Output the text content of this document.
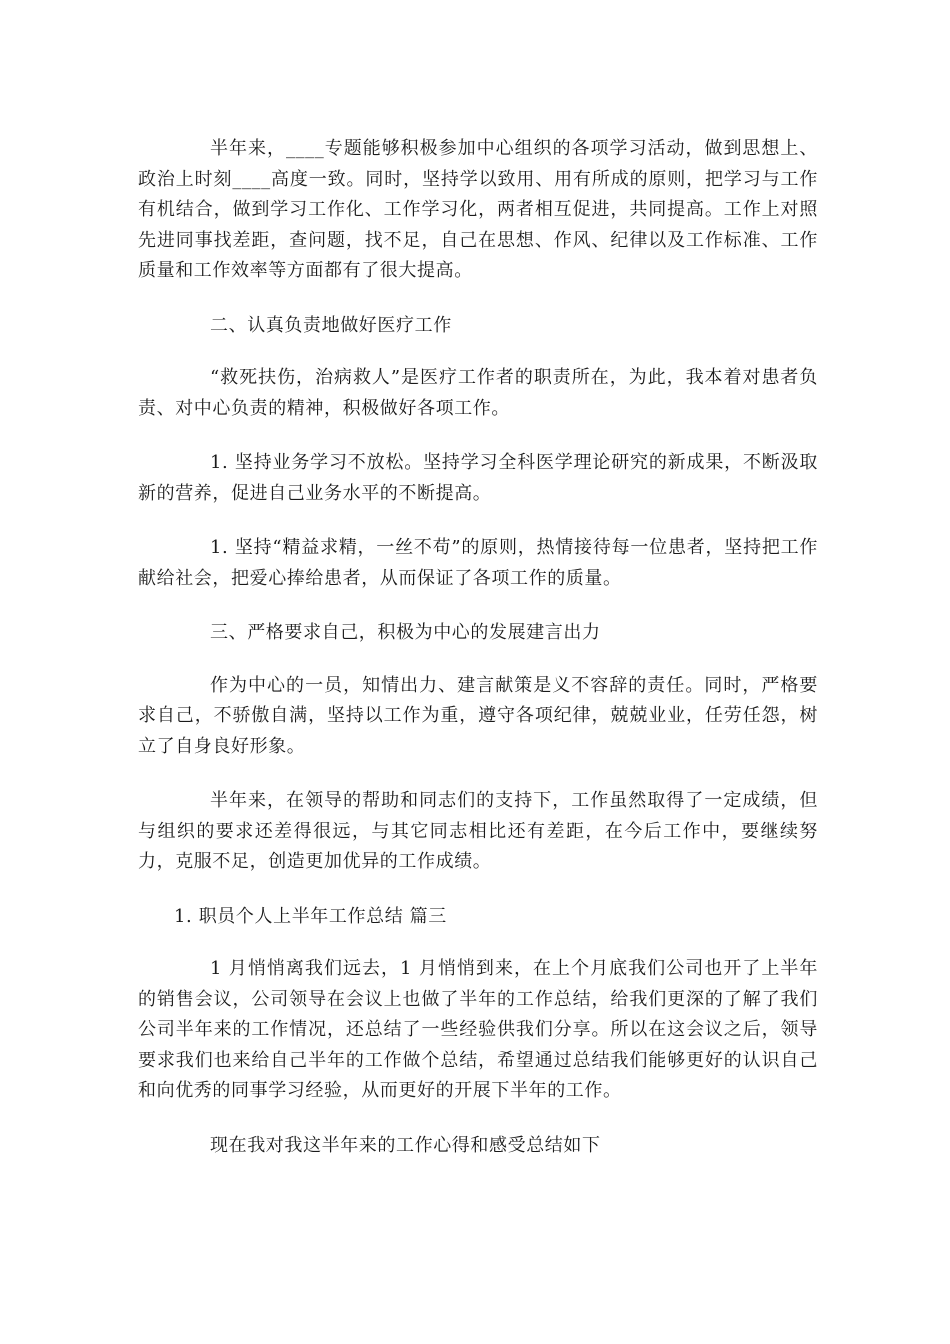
半年来，____专题能够积极参加中心组织的各项学习活动，做到思想上、政治上时刻____高度一致。同时，坚持学以致用、用有所成的原则，把学习与工作有机结合，做到学习工作化、工作学习化，两者相互促进，共同提高。工作上对照先进同事找差距，查问题，找不足，自己在思想、作风、纪律以及工作标准、工作质量和工作效率等方面都有了很大提高。

二、认真负责地做好医疗工作

“救死扶伤，治病救人”是医疗工作者的职责所在，为此，我本着对患者负责、对中心负责的精神，积极做好各项工作。

1. 坚持业务学习不放松。坚持学习全科医学理论研究的新成果，不断汲取新的营养，促进自己业务水平的不断提高。

1. 坚持“精益求精，一丝不苟”的原则，热情接待每一位患者，坚持把工作献给社会，把爱心捧给患者，从而保证了各项工作的质量。

三、严格要求自己，积极为中心的发展建言出力

作为中心的一员，知情出力、建言献策是义不容辞的责任。同时，严格要求自己，不骄傲自满，坚持以工作为重，遵守各项纪律，兢兢业业，任劳任怨，树立了自身良好形象。

半年来，在领导的帮助和同志们的支持下，工作虽然取得了一定成绩，但与组织的要求还差得很远，与其它同志相比还有差距，在今后工作中，要继续努力，克服不足，创造更加优异的工作成绩。

1. 职员个人上半年工作总结 篇三

1 月悄悄离我们远去，1 月悄悄到来，在上个月底我们公司也开了上半年的销售会议，公司领导在会议上也做了半年的工作总结，给我们更深的了解了我们公司半年来的工作情况，还总结了一些经验供我们分享。所以在这会议之后，领导要求我们也来给自己半年的工作做个总结，希望通过总结我们能够更好的认识自己和向优秀的同事学习经验，从而更好的开展下半年的工作。

现在我对我这半年来的工作心得和感受总结如下
